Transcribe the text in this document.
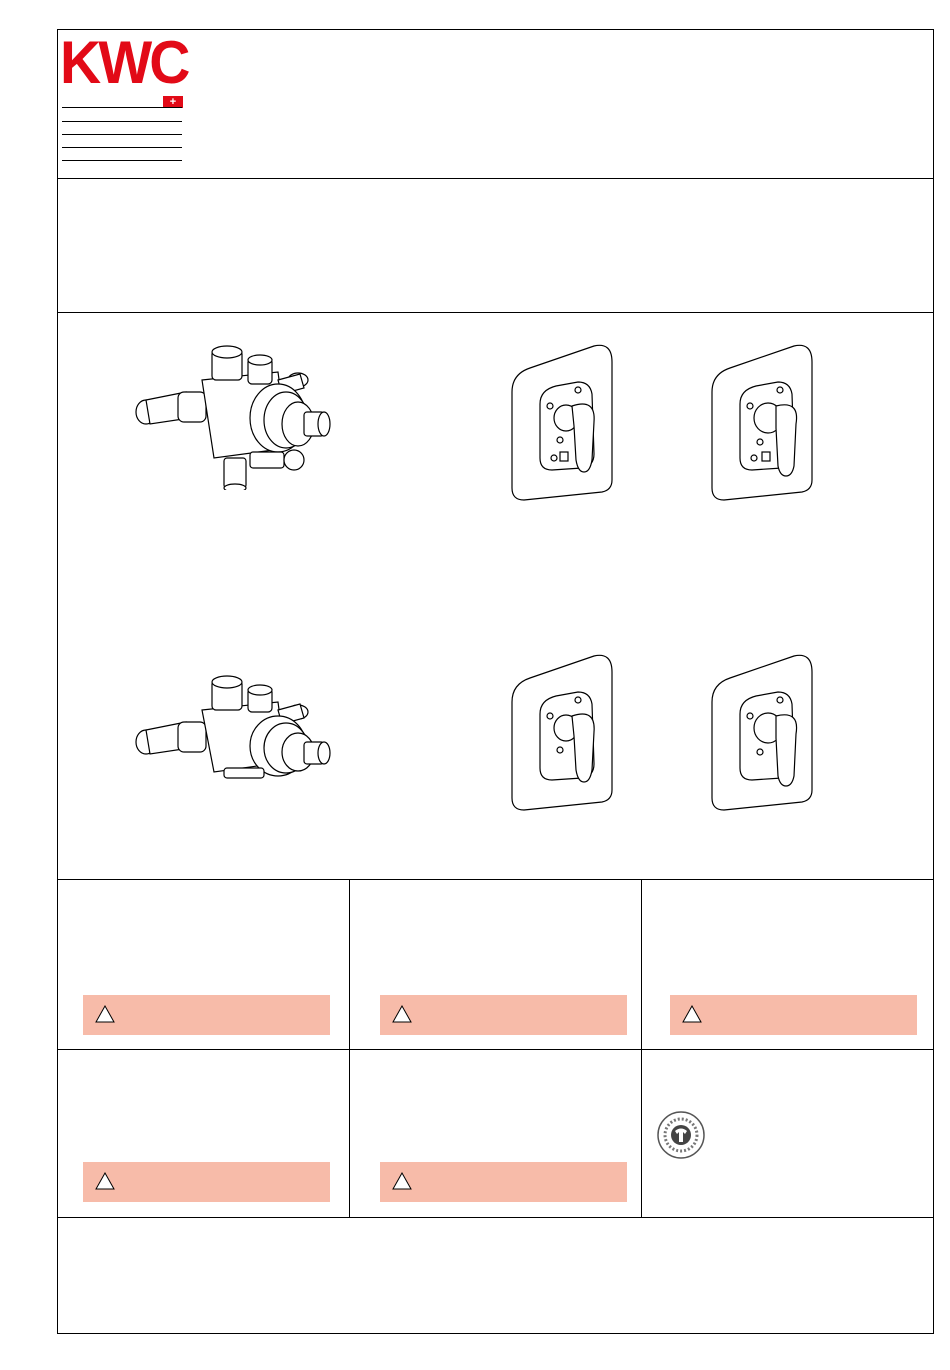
KWC
+
